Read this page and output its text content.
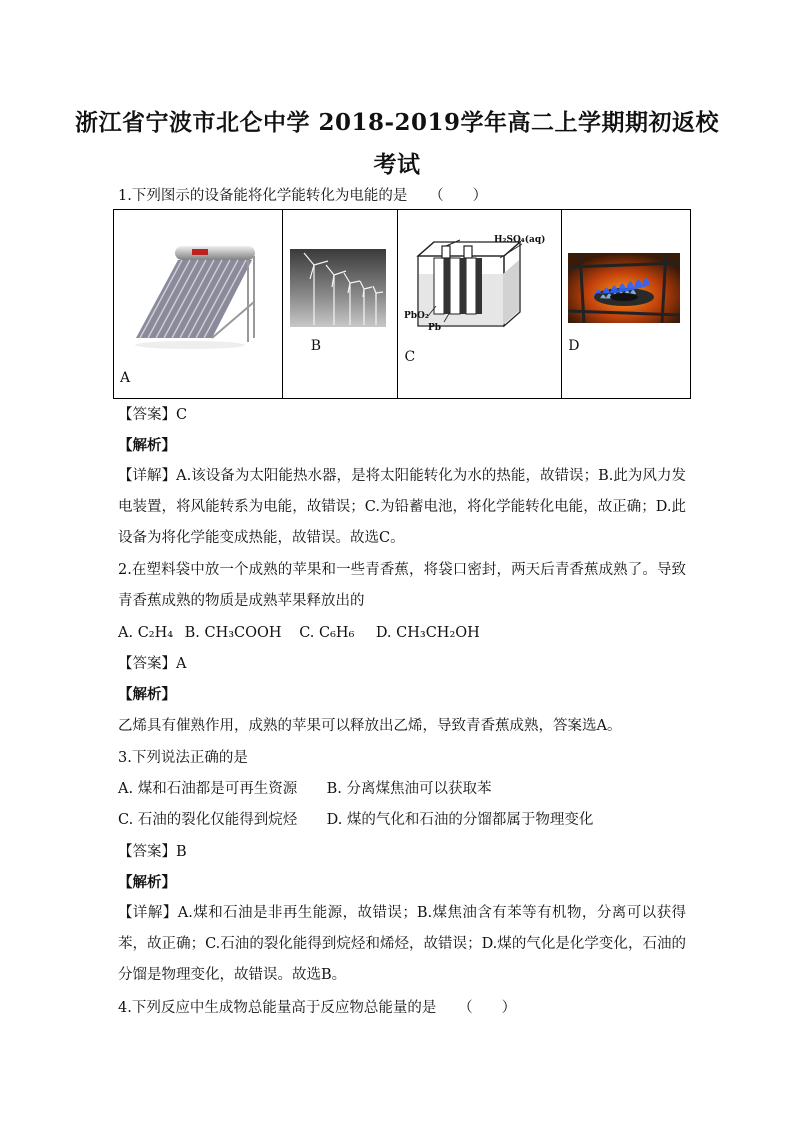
浙江省宁波市北仑中学 2018-2019学年高二上学期期初返校
考试
1.下列图示的设备能将化学能转化为电能的是　　（　　）
A

B

H₂SO₄(aq)
PbO₂
Pb
C

D
【答案】C
【解析】
【详解】A.该设备为太阳能热水器，是将太阳能转化为水的热能，故错误；B.此为风力发电装置，将风能转系为电能，故错误；C.为铅蓄电池，将化学能转化电能，故正确；D.此设备为将化学能变成热能，故错误。故选C。
2.在塑料袋中放一个成熟的苹果和一些青香蕉，将袋口密封，两天后青香蕉成熟了。导致青香蕉成熟的物质是成熟苹果释放出的
A. C₂H₄ B. CH₃COOH C. C₆H₆ D. CH₃CH₂OH
【答案】A
【解析】
乙烯具有催熟作用，成熟的苹果可以释放出乙烯，导致青香蕉成熟，答案选A。
3.下列说法正确的是
A. 煤和石油都是可再生资源 B. 分离煤焦油可以获取苯
C. 石油的裂化仅能得到烷烃 D. 煤的气化和石油的分馏都属于物理变化
【答案】B
【解析】
【详解】A.煤和石油是非再生能源，故错误；B.煤焦油含有苯等有机物，分离可以获得苯，故正确；C.石油的裂化能得到烷烃和烯烃，故错误；D.煤的气化是化学变化，石油的分馏是物理变化，故错误。故选B。
4.下列反应中生成物总能量高于反应物总能量的是　　（　　）
